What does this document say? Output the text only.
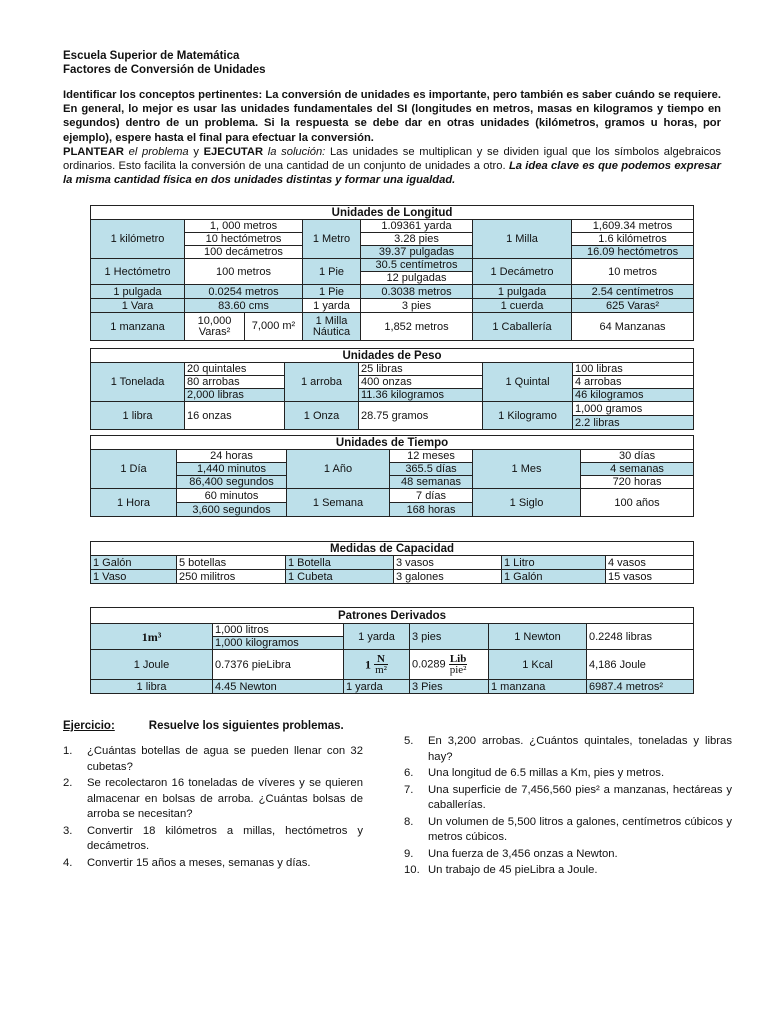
Escuela Superior de Matemática
Factores de Conversión de Unidades
Identificar los conceptos pertinentes: La conversión de unidades es importante, pero también es saber cuándo se requiere. En general, lo mejor es usar las unidades fundamentales del SI (longitudes en metros, masas en kilogramos y tiempo en segundos) dentro de un problema. Si la respuesta se debe dar en otras unidades (kilómetros, gramos u horas, por ejemplo), espere hasta el final para efectuar la conversión.
PLANTEAR el problema y EJECUTAR la solución: Las unidades se multiplican y se dividen igual que los símbolos algebraicos ordinarios. Esto facilita la conversión de una cantidad de un conjunto de unidades a otro. La idea clave es que podemos expresar la misma cantidad física en dos unidades distintas y formar una igualdad.
Unidades de Longitud						
1 kilómetro	1, 000 metros		1 Metro	1.09361 yarda	1 Milla	1,609.34 metros
	10 hectómetros			3.28 pies		1.6 kilómetros
	100 decámetros			39.37 pulgadas		16.09 hectómetros
1 Hectómetro	100 metros		1 Pie	30.5 centímetros	1 Decámetro	10 metros
				12 pulgadas		
1 pulgada	0.0254 metros		1 Pie	0.3038 metros	1 pulgada	2.54 centímetros
1 Vara	83.60 cms		1 yarda	3 pies	1 cuerda	625 Varas²
1 manzana	10,000 Varas²	7,000 m²	1 Milla Náutica	1,852 metros	1 Caballería	64 Manzanas
Unidades de Peso					
1 Tonelada	20 quintales	1 arroba	25 libras	1 Quintal	100 libras
	80 arrobas		400 onzas		4 arrobas
	2,000 libras		11.36 kilogramos		46 kilogramos
1 libra	16 onzas	1 Onza	28.75 gramos	1 Kilogramo	1,000 gramos
					2.2 libras
Unidades de Tiempo					
1 Día	24 horas	1 Año	12 meses	1 Mes	30 días
	1,440 minutos		365.5 días		4 semanas
	86,400 segundos		48 semanas		720 horas
1 Hora	60 minutos	1 Semana	7 días	1 Siglo	100 años
	3,600 segundos		168 horas		
Medidas de Capacidad					
1 Galón	5 botellas	1 Botella	3 vasos	1 Litro	4 vasos
1 Vaso	250 militros	1 Cubeta	3 galones	1 Galón	15 vasos
Patrones Derivados					
1m³	1,000 litros	1 yarda	3 pies	1 Newton	0.2248 libras
	1,000 kilogramos				
1 Joule	0.7376 pieLibra	$1 \frac{N}{\text{m²}}$	$0.0289 \frac{\text{Lib}}{\text{pie²}}$	1 Kcal	4,186 Joule
1 libra	4.45 Newton	1 yarda	3 Pies	1 manzana	6987.4 metros²
Ejercicio:	Resuelve los siguientes problemas.
1. ¿Cuántas botellas de agua se pueden llenar con 32 cubetas?
2. Se recolectaron 16 toneladas de víveres y se quieren almacenar en bolsas de arroba. ¿Cuántas bolsas de arroba se necesitan?
3. Convertir 18 kilómetros a millas, hectómetros y decámetros.
4. Convertir 15 años a meses, semanas y días.
5. En 3,200 arrobas. ¿Cuántos quintales, toneladas y libras hay?
6. Una longitud de 6.5 millas a Km, pies y metros.
7. Una superficie de 7,456,560 pies² a manzanas, hectáreas y caballerías.
8. Un volumen de 5,500 litros a galones, centímetros cúbicos y metros cúbicos.
9. Una fuerza de 3,456 onzas a Newton.
10. Un trabajo de 45 pieLibra a Joule.
